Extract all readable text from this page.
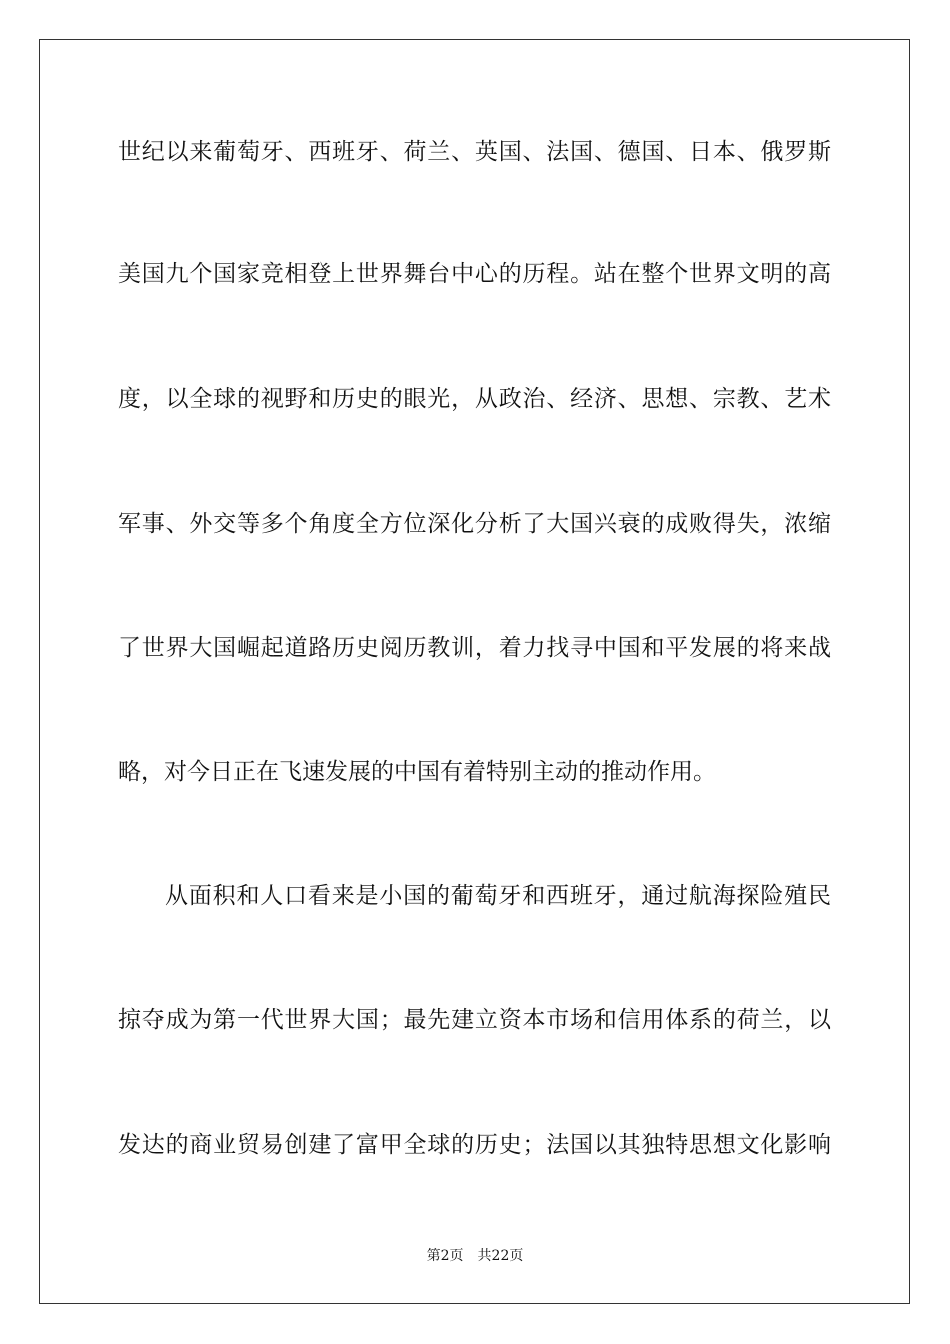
世纪以来葡萄牙、西班牙、荷兰、英国、法国、德国、日本、俄罗斯
美国九个国家竞相登上世界舞台中心的历程。站在整个世界文明的高
度，以全球的视野和历史的眼光，从政治、经济、思想、宗教、艺术
军事、外交等多个角度全方位深化分析了大国兴衰的成败得失，浓缩
了世界大国崛起道路历史阅历教训，着力找寻中国和平发展的将来战
略，对今日正在飞速发展的中国有着特别主动的推动作用。
从面积和人口看来是小国的葡萄牙和西班牙，通过航海探险殖民
掠夺成为第一代世界大国；最先建立资本市场和信用体系的荷兰，以
发达的商业贸易创建了富甲全球的历史；法国以其独特思想文化影响
第2页 共22页
